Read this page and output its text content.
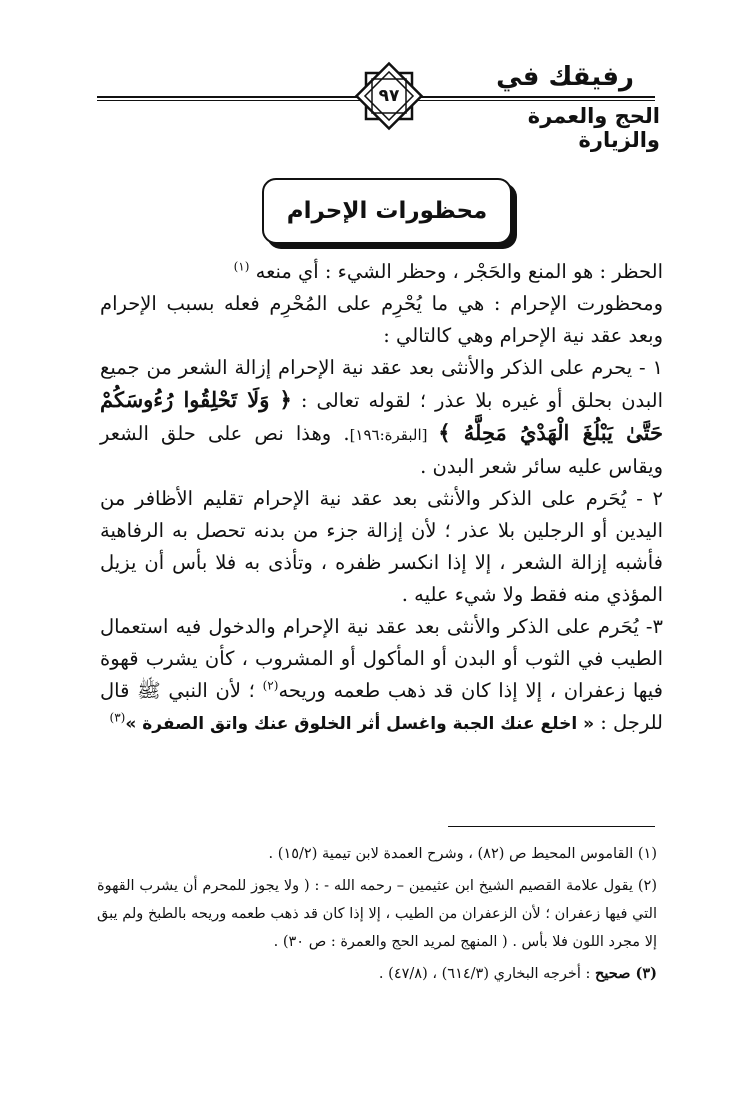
رفيقك في
الحج والعمرة والزيارة
٩٧
محظورات الإحرام

الحظر : هو المنع والحَجْر ، وحظر الشيء : أي منعه $^{(١)}$

ومحظورت الإحرام : هي ما يُحْرِم على المُحْرِم فعله بسبب الإحرام وبعد عقد نية الإحرام وهي كالتالي :

١ - يحرم على الذكر والأنثى بعد عقد نية الإحرام إزالة الشعر من جميع البدن بحلق أو غيره بلا عذر ؛ لقوله تعالى : ﴿ وَلَا تَحْلِقُوا رُءُوسَكُمْ حَتَّىٰ يَبْلُغَ الْهَدْيُ مَحِلَّهُ ﴾ [البقرة:١٩٦]. وهذا نص على حلق الشعر ويقاس عليه سائر شعر البدن .

٢ - يُحَرم على الذكر والأنثى بعد عقد نية الإحرام تقليم الأظافر من اليدين أو الرجلين بلا عذر ؛ لأن إزالة جزء من بدنه تحصل به الرفاهية فأشبه إزالة الشعر ، إلا إذا انكسر ظفره ، وتأذى به فلا بأس أن يزيل المؤذي منه فقط ولا شيء عليه .

٣- يُحَرم على الذكر والأنثى بعد عقد نية الإحرام والدخول فيه استعمال الطيب في الثوب أو البدن أو المأكول أو المشروب ، كأن يشرب قهوة فيها زعفران ، إلا إذا كان قد ذهب طعمه وريحه$^{(٢)}$ ؛ لأن النبي ﷺ قال للرجل : « اخلع عنك الجبة واغسل أثر الخلوق عنك واتق الصفرة »$^{(٣)}$

(١) القاموس المحيط ص (٨٢) ، وشرح العمدة لابن تيمية (١٥/٢) .

(٢) يقول علامة القصيم الشيخ ابن عثيمين – رحمه الله - : ( ولا يجوز للمحرم أن يشرب القهوة التي فيها زعفران ؛ لأن الزعفران من الطيب ، إلا إذا كان قد ذهب طعمه وريحه بالطبخ ولم يبق إلا مجرد اللون فلا بأس . ( المنهج لمريد الحج والعمرة : ص ٣٠) .

(٣) صحيح : أخرجه البخاري (٦١٤/٣) ، (٤٧/٨) .
